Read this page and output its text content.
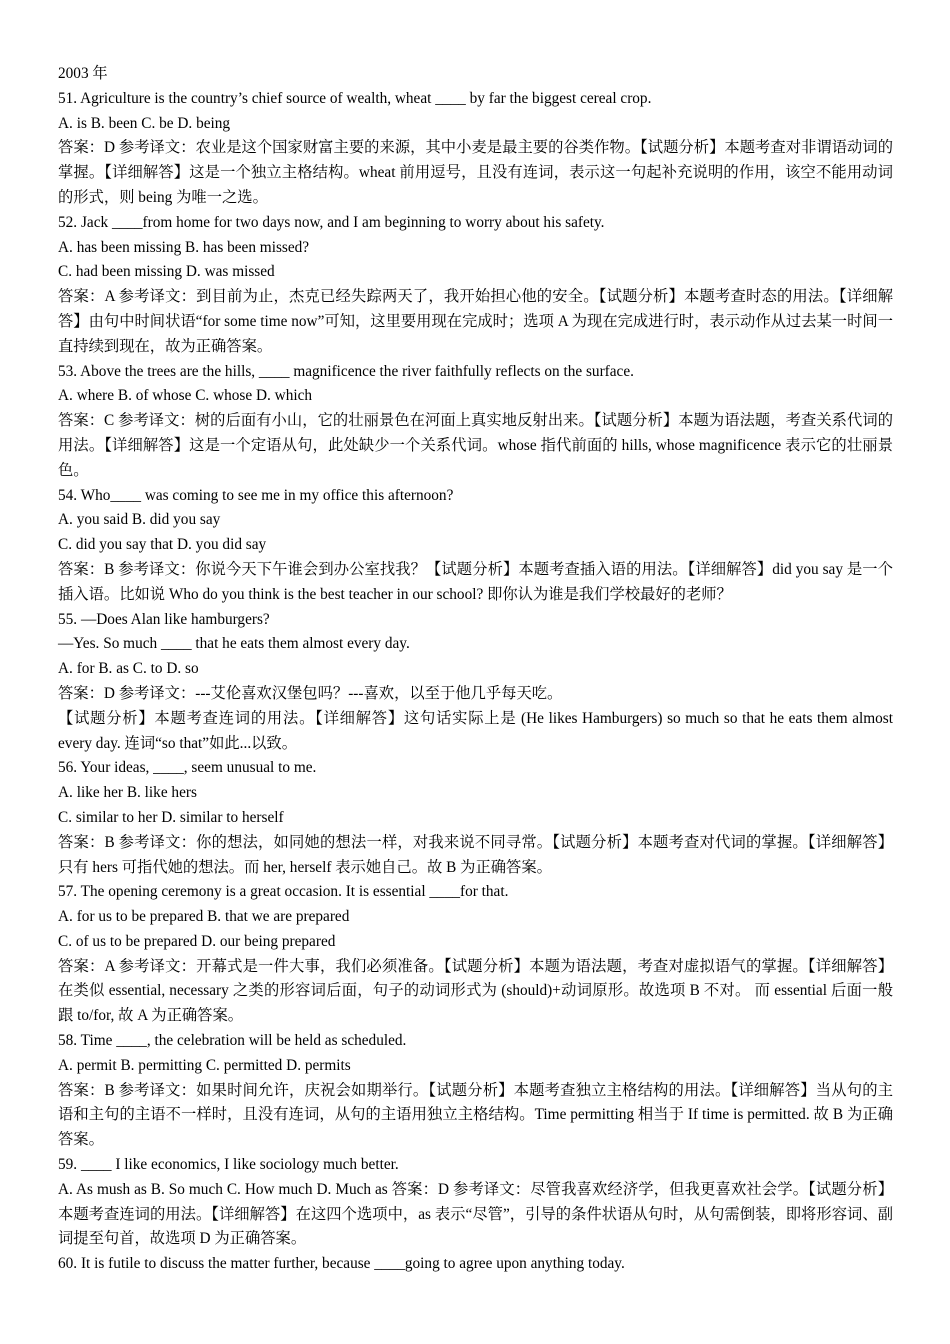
2003 年
51. Agriculture is the country’s chief source of wealth, wheat ____ by far the biggest cereal crop.
A. is B. been C. be D. being
答案：D 参考译文：农业是这个国家财富主要的来源，其中小麦是最主要的谷类作物。【试题分析】本题考查对非谓语动词的掌握。【详细解答】这是一个独立主格结构。wheat 前用逗号，且没有连词，表示这一句起补充说明的作用，该空不能用动词的形式，则 being 为唯一之选。
52. Jack ____from home for two days now, and I am beginning to worry about his safety.
A. has been missing B. has been missed?
C. had been missing D. was missed
答案：A 参考译文：到目前为止，杰克已经失踪两天了，我开始担心他的安全。【试题分析】本题考查时态的用法。【详细解答】由句中时间状语“for some time now”可知，这里要用现在完成时；选项 A 为现在完成进行时，表示动作从过去某一时间一直持续到现在，故为正确答案。
53. Above the trees are the hills, ____ magnificence the river faithfully reflects on the surface.
A. where B. of whose C. whose D. which
答案：C 参考译文：树的后面有小山，它的壮丽景色在河面上真实地反射出来。【试题分析】本题为语法题，考查关系代词的用法。【详细解答】这是一个定语从句，此处缺少一个关系代词。whose 指代前面的 hills, whose magnificence 表示它的壮丽景色。
54. Who____ was coming to see me in my office this afternoon?
A. you said B. did you say
C. did you say that D. you did say
答案：B 参考译文：你说今天下午谁会到办公室找我？【试题分析】本题考查插入语的用法。【详细解答】did you say 是一个插入语。比如说 Who do you think is the best teacher in our school? 即你认为谁是我们学校最好的老师？
55. —Does Alan like hamburgers?
—Yes. So much ____ that he eats them almost every day.
A. for B. as C. to D. so
答案：D 参考译文：---艾伦喜欢汉堡包吗？---喜欢，以至于他几乎每天吃。
【试题分析】本题考查连词的用法。【详细解答】这句话实际上是 (He likes Hamburgers) so much so that he eats them almost every day. 连词“so that”如此...以致。
56. Your ideas, ____, seem unusual to me.
A. like her B. like hers
C. similar to her D. similar to herself
答案：B 参考译文：你的想法，如同她的想法一样，对我来说不同寻常。【试题分析】本题考查对代词的掌握。【详细解答】 只有 hers 可指代她的想法。而 her, herself 表示她自己。故 B 为正确答案。
57. The opening ceremony is a great occasion. It is essential ____for that.
A. for us to be prepared B. that we are prepared
C. of us to be prepared D. our being prepared
答案：A 参考译文：开幕式是一件大事，我们必须准备。【试题分析】本题为语法题，考查对虚拟语气的掌握。【详细解答】 在类似 essential, necessary 之类的形容词后面，句子的动词形式为 (should)+动词原形。故选项 B 不对。 而 essential 后面一般跟 to/for, 故 A 为正确答案。
58. Time ____, the celebration will be held as scheduled.
A. permit B. permitting C. permitted D. permits
答案：B 参考译文：如果时间允许，庆祝会如期举行。【试题分析】本题考查独立主格结构的用法。【详细解答】当从句的主语和主句的主语不一样时，且没有连词，从句的主语用独立主格结构。Time permitting 相当于 If time is permitted. 故 B 为正确答案。
59. ____ I like economics, I like sociology much better.
A. As mush as B. So much C. How much D. Much as 答案：D 参考译文：尽管我喜欢经济学，但我更喜欢社会学。【试题分析】本题考查连词的用法。【详细解答】在这四个选项中，as 表示“尽管”，引导的条件状语从句时，从句需倒装，即将形容词、副词提至句首，故选项 D 为正确答案。
60. It is futile to discuss the matter further, because ____going to agree upon anything today.
